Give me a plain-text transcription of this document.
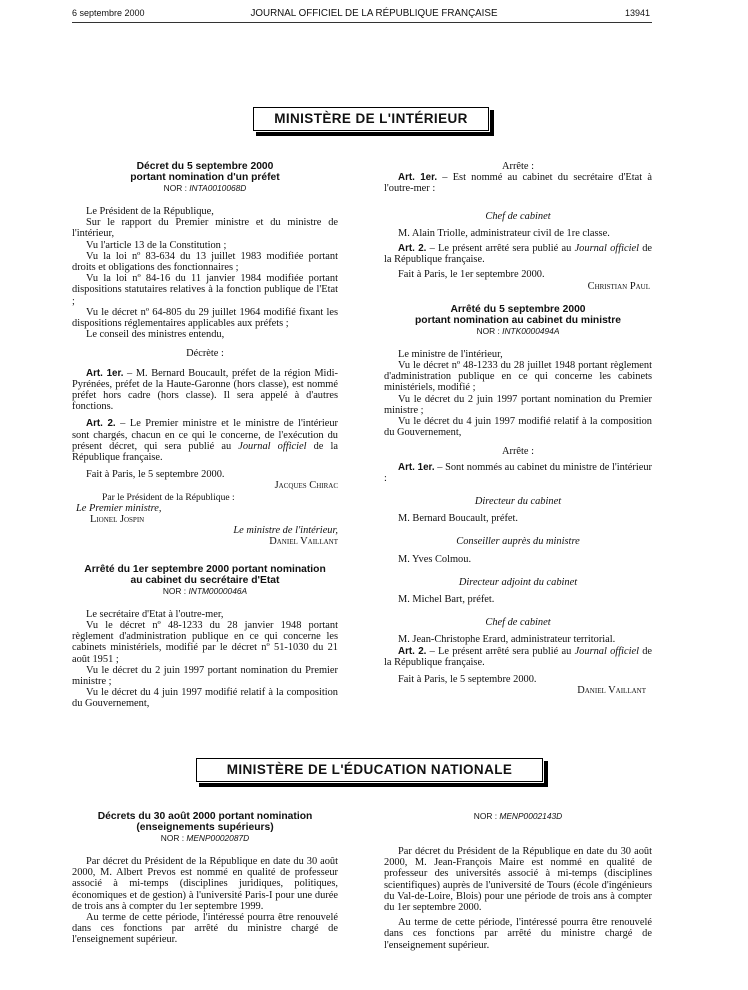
6 septembre 2000	JOURNAL OFFICIEL DE LA RÉPUBLIQUE FRANÇAISE	13941
MINISTÈRE DE L'INTÉRIEUR
Décret du 5 septembre 2000
portant nomination d'un préfet
NOR : INTA0010068D

Le Président de la République,

Sur le rapport du Premier ministre et du ministre de l'intérieur,

Vu l'article 13 de la Constitution ;

Vu la loi nº 83-634 du 13 juillet 1983 modifiée portant droits et obligations des fonctionnaires ;

Vu la loi nº 84-16 du 11 janvier 1984 modifiée portant dispositions statutaires relatives à la fonction publique de l'Etat ;

Vu le décret nº 64-805 du 29 juillet 1964 modifié fixant les dispositions réglementaires applicables aux préfets ;

Le conseil des ministres entendu,

Décrète :

Art. 1er. – M. Bernard Boucault, préfet de la région Midi-Pyrénées, préfet de la Haute-Garonne (hors classe), est nommé préfet hors cadre (hors classe). Il sera appelé à d'autres fonctions.

Art. 2. – Le Premier ministre et le ministre de l'intérieur sont chargés, chacun en ce qui le concerne, de l'exécution du présent décret, qui sera publié au Journal officiel de la République française.

Fait à Paris, le 5 septembre 2000.

Jacques Chirac
Par le Président de la République :
Le Premier ministre,
Lionel Jospin
Le ministre de l'intérieur,
Daniel Vaillant
Arrêté du 1er septembre 2000 portant nomination
au cabinet du secrétaire d'Etat
NOR : INTM0000046A

Le secrétaire d'Etat à l'outre-mer,

Vu le décret nº 48-1233 du 28 janvier 1948 portant règlement d'administration publique en ce qui concerne les cabinets ministériels, modifié par le décret nº 51-1030 du 21 août 1951 ;

Vu le décret du 2 juin 1997 portant nomination du Premier ministre ;

Vu le décret du 4 juin 1997 modifié relatif à la composition du Gouvernement,

Arrête :

Art. 1er. – Est nommé au cabinet du secrétaire d'Etat à l'outre-mer :

Chef de cabinet

M. Alain Triolle, administrateur civil de 1re classe.

Art. 2. – Le présent arrêté sera publié au Journal officiel de la République française.

Fait à Paris, le 1er septembre 2000.

Christian Paul
Arrêté du 5 septembre 2000
portant nomination au cabinet du ministre
NOR : INTK0000494A

Le ministre de l'intérieur,

Vu le décret nº 48-1233 du 28 juillet 1948 portant règlement d'administration publique en ce qui concerne les cabinets ministériels, modifié ;

Vu le décret du 2 juin 1997 portant nomination du Premier ministre ;

Vu le décret du 4 juin 1997 modifié relatif à la composition du Gouvernement,

Arrête :

Art. 1er. – Sont nommés au cabinet du ministre de l'intérieur :

Directeur du cabinet

M. Bernard Boucault, préfet.

Conseiller auprès du ministre

M. Yves Colmou.

Directeur adjoint du cabinet

M. Michel Bart, préfet.

Chef de cabinet

M. Jean-Christophe Erard, administrateur territorial.

Art. 2. – Le présent arrêté sera publié au Journal officiel de la République française.

Fait à Paris, le 5 septembre 2000.

Daniel Vaillant
MINISTÈRE DE L'ÉDUCATION NATIONALE
Décrets du 30 août 2000 portant nomination
(enseignements supérieurs)
NOR : MENP0002087D

Par décret du Président de la République en date du 30 août 2000, M. Albert Prevos est nommé en qualité de professeur associé à mi-temps (disciplines juridiques, politiques, économiques et de gestion) à l'université Paris-I pour une durée de trois ans à compter du 1er septembre 1999.

Au terme de cette période, l'intéressé pourra être renouvelé dans ces fonctions par arrêté du ministre chargé de l'enseignement supérieur.

NOR : MENP0002143D

Par décret du Président de la République en date du 30 août 2000, M. Jean-François Maire est nommé en qualité de professeur des universités associé à mi-temps (disciplines scientifiques) auprès de l'université de Tours (école d'ingénieurs du Val-de-Loire, Blois) pour une période de trois ans à compter du 1er septembre 2000.

Au terme de cette période, l'intéressé pourra être renouvelé dans ces fonctions par arrêté du ministre chargé de l'enseignement supérieur.
